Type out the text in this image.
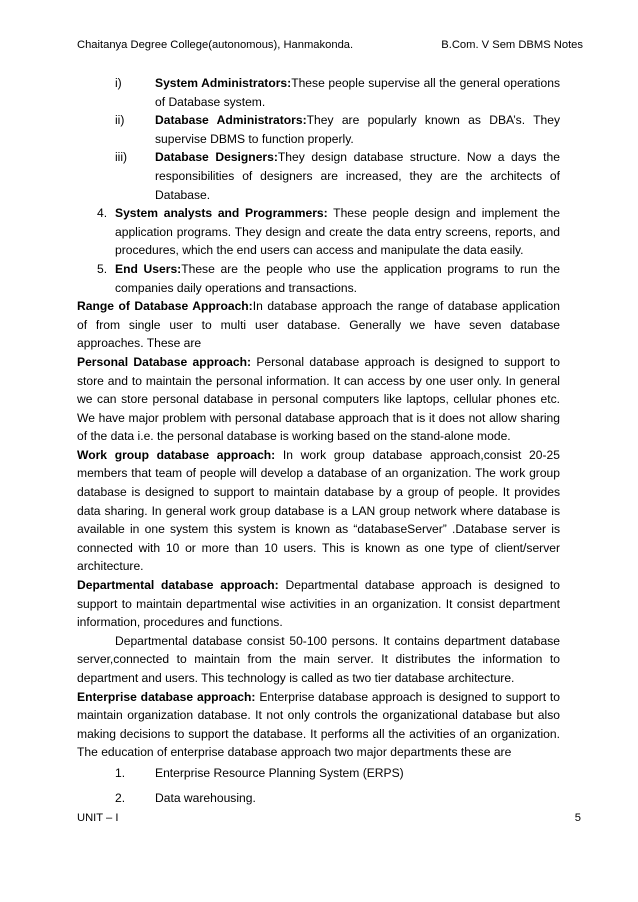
Chaitanya Degree College(autonomous), Hanmakonda.	B.Com. V Sem DBMS Notes
i)	System Administrators:These people supervise all the general operations of Database system.
ii)	Database Administrators:They are popularly known as DBA’s. They supervise DBMS to function properly.
iii)	Database Designers:They design database structure. Now a days the responsibilities of designers are increased, they are the architects of Database.
4. System analysts and Programmers: These people design and implement the application programs. They design and create the data entry screens, reports, and procedures, which the end users can access and manipulate the data easily.
5. End Users:These are the people who use the application programs to run the companies daily operations and transactions.

Range of Database Approach:In database approach the range of database application of from single user to multi user database. Generally we have seven database approaches. These are

Personal Database approach: Personal database approach is designed to support to store and to maintain the personal information. It can access by one user only. In general we can store personal database in personal computers like laptops, cellular phones etc. We have major problem with personal database approach that is it does not allow sharing of the data i.e. the personal database is working based on the stand-alone mode.

Work group database approach: In work group database approach,consist 20-25 members that team of people will develop a database of an organization. The work group database is designed to support to maintain database by a group of people. It provides data sharing. In general work group database is a LAN group network where database is available in one system this system is known as “databaseServer” .Database server is connected with 10 or more than 10 users. This is known as one type of client/server architecture.

Departmental database approach: Departmental database approach is designed to support to maintain departmental wise activities in an organization. It consist department information, procedures and functions.

Departmental database consist 50-100 persons. It contains department database server,connected to maintain from the main server. It distributes the information to department and users. This technology is called as two tier database architecture.

Enterprise database approach: Enterprise database approach is designed to support to maintain organization database. It not only controls the organizational database but also making decisions to support the database. It performs all the activities of an organization. The education of enterprise database approach two major departments these are

1.	Enterprise Resource Planning System (ERPS)
2.	Data warehousing.
UNIT – I	5
